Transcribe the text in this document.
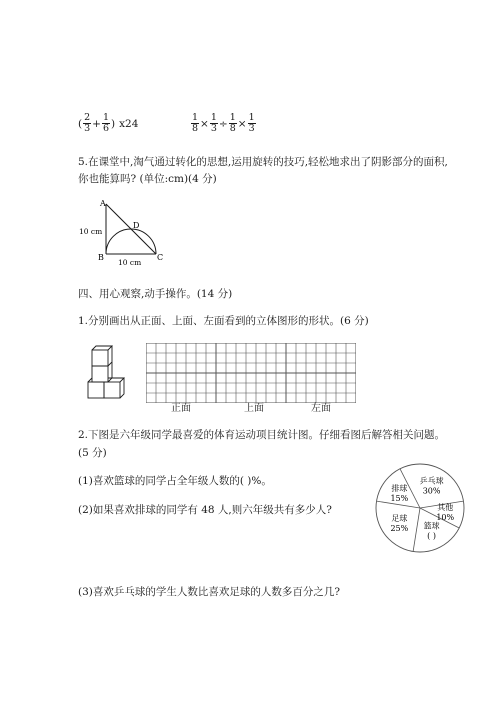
( $\frac{2}{3} + \frac{1}{6}$ ) x24	$\frac{1}{8} \times \frac{1}{3} \div \frac{1}{8} \times \frac{1}{3}$
5.在课堂中,淘气通过转化的思想,运用旋转的技巧,轻松地求出了阴影部分的面积,
你也能算吗? (单位:cm)(4 分)
A
B	C
D
10 cm
10 cm
四、用心观察,动手操作。(14 分)
1.分别画出从正面、上面、左面看到的立体图形的形状。(6 分)
正面	上面	左面
2.下图是六年级同学最喜爱的体育运动项目统计图。仔细看图后解答相关问题。
(5 分)
(1)喜欢篮球的同学占全年级人数的( )%。
(2)如果喜欢排球的同学有 48 人,则六年级共有多少人?
(3)喜欢乒乓球的学生人数比喜欢足球的人数多百分之几?
排球
15%
乒乓球
30%
其他
10%
篮球
( )
足球
25%
